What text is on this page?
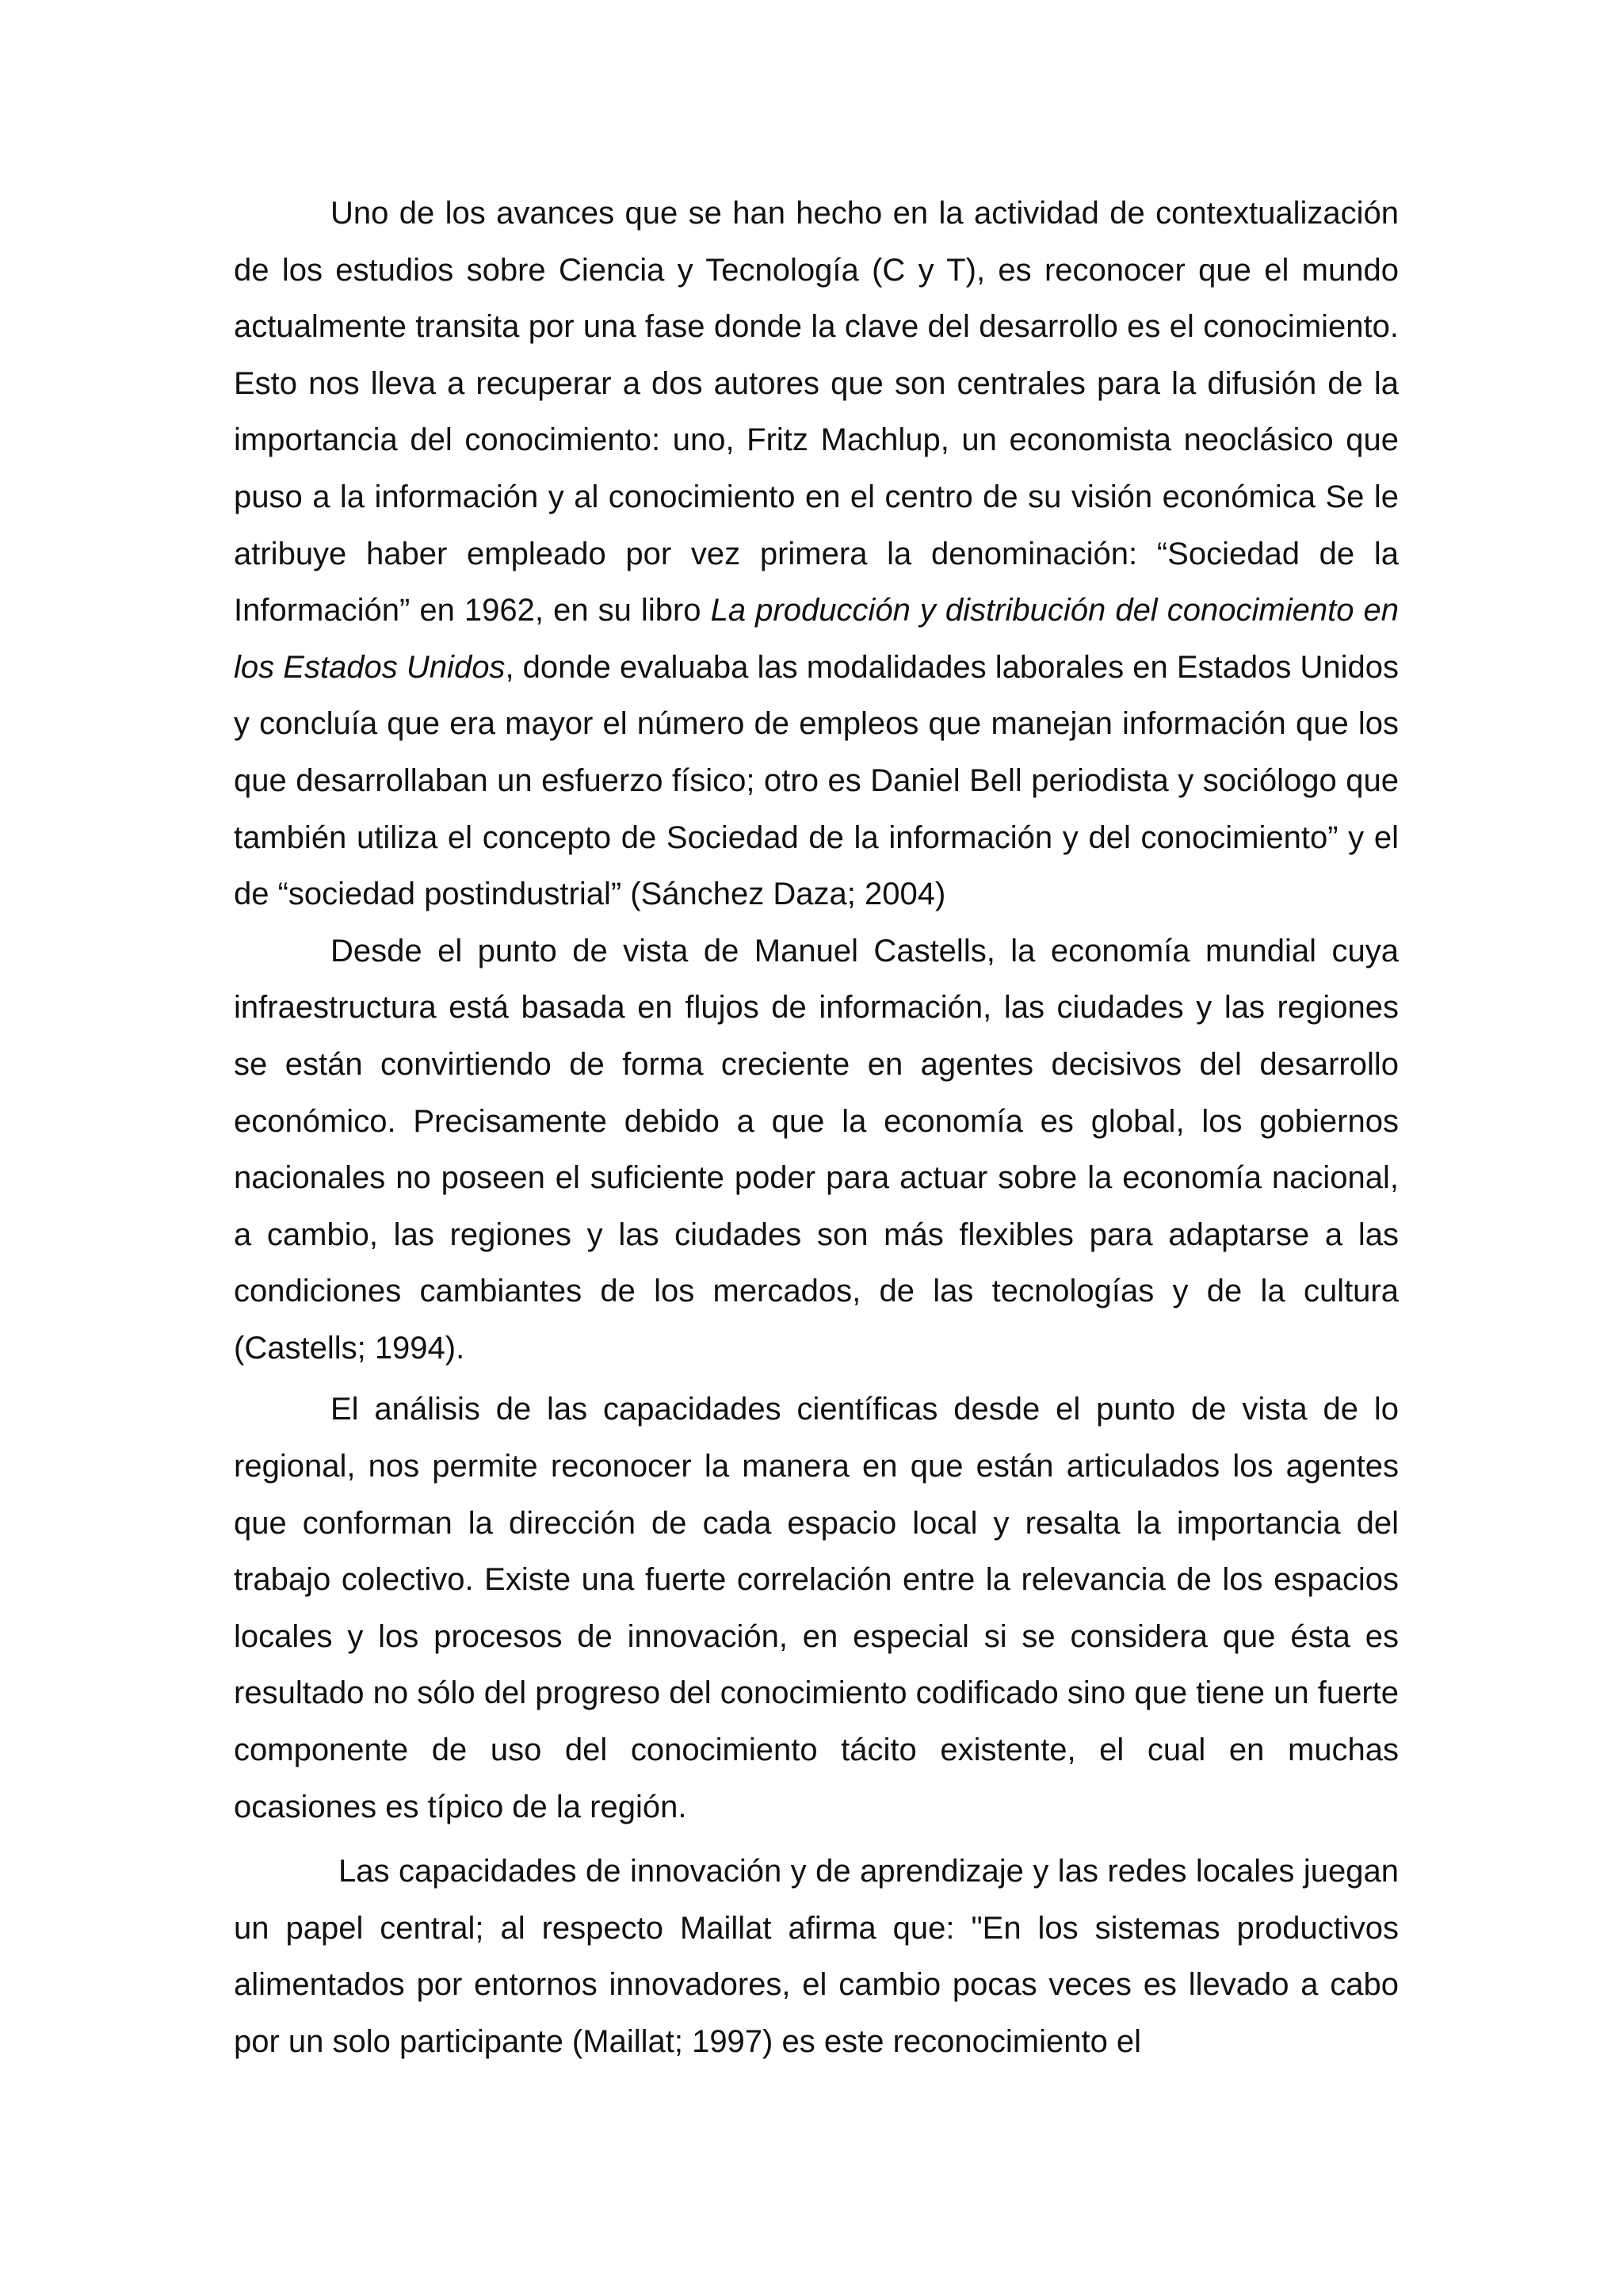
Uno de los avances que se han hecho en la actividad de contextualización de los estudios sobre Ciencia y Tecnología (C y T), es reconocer que el mundo actualmente transita por una fase donde la clave del desarrollo es el conocimiento. Esto nos lleva a recuperar a dos autores que son centrales para la difusión de la importancia del conocimiento: uno, Fritz Machlup, un economista neoclásico que puso a la información y al conocimiento en el centro de su visión económica Se le atribuye haber empleado por vez primera la denominación: “Sociedad de la Información” en 1962, en su libro La producción y distribución del conocimiento en los Estados Unidos, donde evaluaba las modalidades laborales en Estados Unidos y concluía que era mayor el número de empleos que manejan información que los que desarrollaban un esfuerzo físico; otro es Daniel Bell periodista y sociólogo que también utiliza el concepto de Sociedad de la información y del conocimiento” y el de “sociedad postindustrial” (Sánchez Daza; 2004)

Desde el punto de vista de Manuel Castells, la economía mundial cuya infraestructura está basada en flujos de información, las ciudades y las regiones se están convirtiendo de forma creciente en agentes decisivos del desarrollo económico. Precisamente debido a que la economía es global, los gobiernos nacionales no poseen el suficiente poder para actuar sobre la economía nacional, a cambio, las regiones y las ciudades son más flexibles para adaptarse a las condiciones cambiantes de los mercados, de las tecnologías y de la cultura (Castells; 1994).

El análisis de las capacidades científicas desde el punto de vista de lo regional, nos permite reconocer la manera en que están articulados los agentes que conforman la dirección de cada espacio local y resalta la importancia del trabajo colectivo. Existe una fuerte correlación entre la relevancia de los espacios locales y los procesos de innovación, en especial si se considera que ésta es resultado no sólo del progreso del conocimiento codificado sino que tiene un fuerte componente de uso del conocimiento tácito existente, el cual en muchas ocasiones es típico de la región.

Las capacidades de innovación y de aprendizaje y las redes locales juegan un papel central; al respecto Maillat afirma que: "En los sistemas productivos alimentados por entornos innovadores, el cambio pocas veces es llevado a cabo por un solo participante (Maillat; 1997) es este reconocimiento el
